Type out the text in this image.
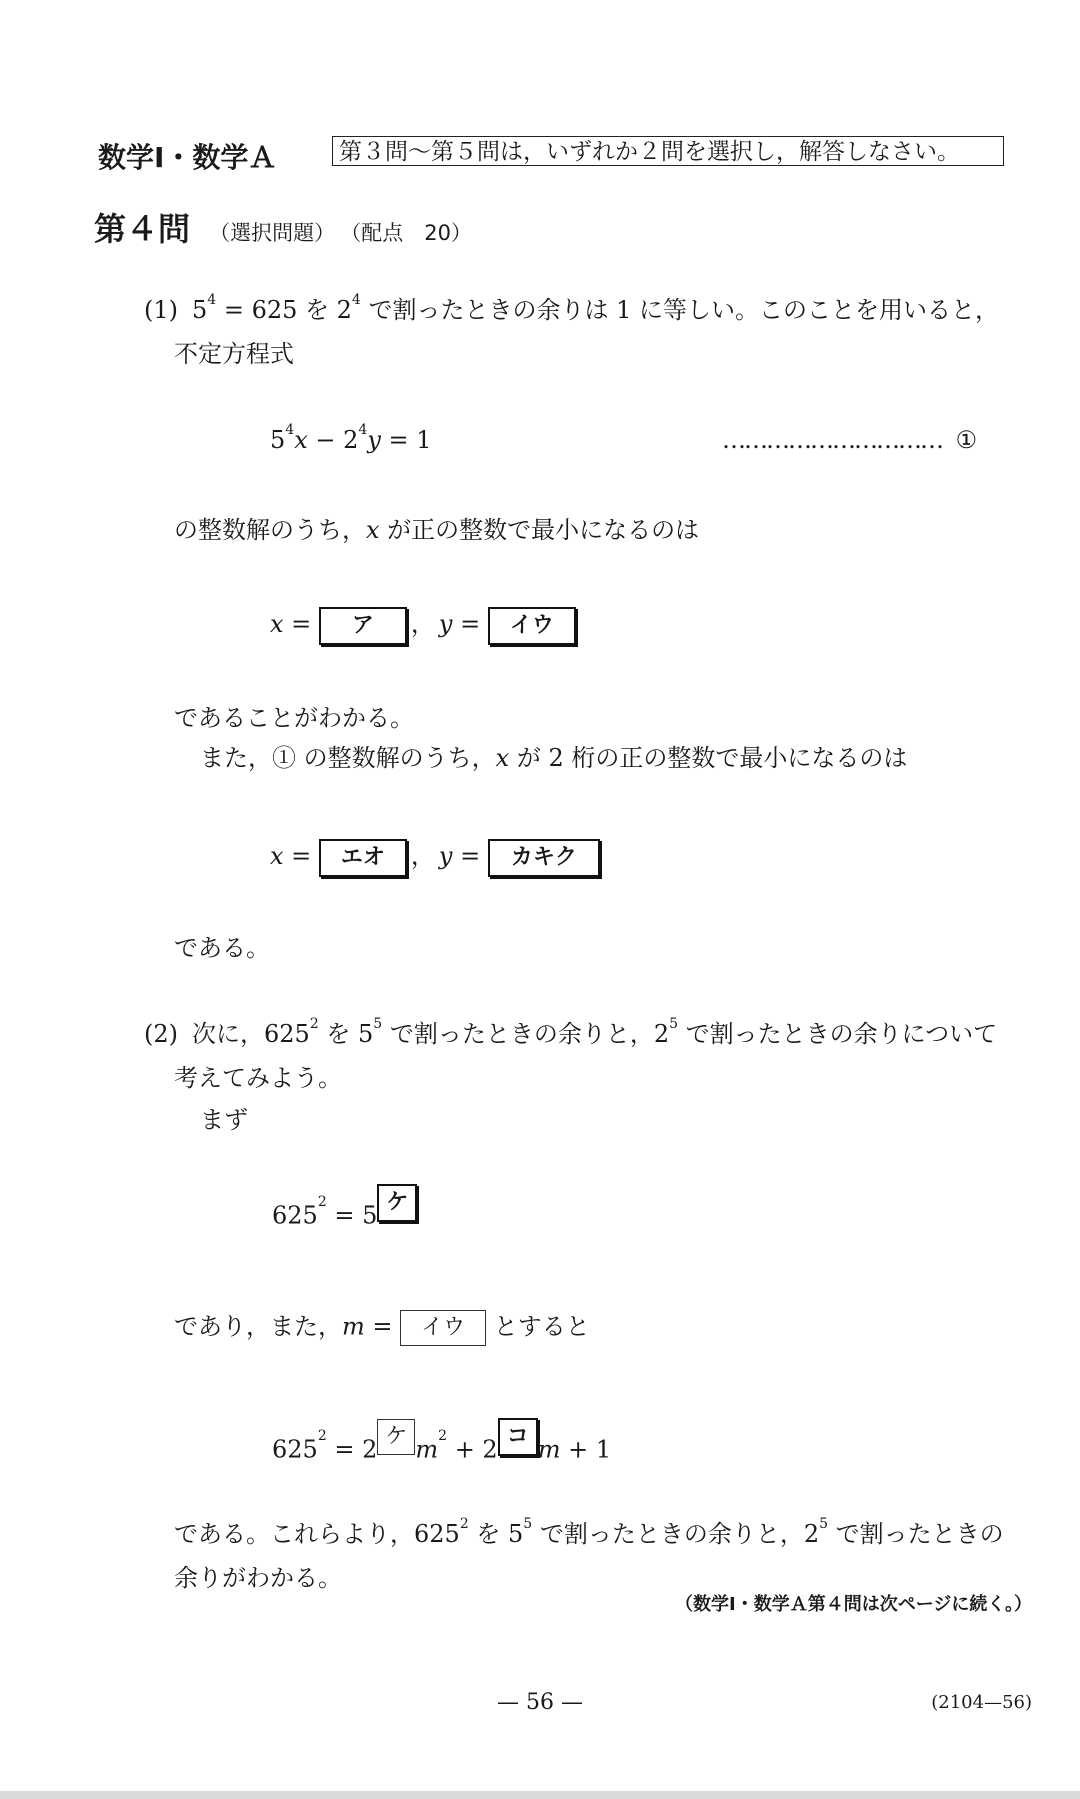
数学Ⅰ・数学Ａ	第３問～第５問は，いずれか２問を選択し，解答しなさい。
第４問 （選択問題） （配点　20）
(1) $5^4 = 625$ を $2^4$ で割ったときの余りは 1 に等しい。このことを用いると，
不定方程式
$5^4x - 2^4y = 1$	………………………… ①
の整数解のうち，x が正の整数で最小になるのは
x = ア ， y = イウ
であることがわかる。
また，① の整数解のうち，x が 2 桁の正の整数で最小になるのは
x = エオ ， y = カキク
である。
(2) 次に，$625^2$ を $5^5$ で割ったときの余りと，$2^5$ で割ったときの余りについて
考えてみよう。
まず
$625^2 = 5$ ケ
であり，また，m = イウ とすると
$625^2 = 2$ ケ $m^2 + 2$ コ m + 1
である。これらより，$625^2$ を $5^5$ で割ったときの余りと，$2^5$ で割ったときの
余りがわかる。
（数学Ⅰ・数学Ａ第４問は次ページに続く。）
— 56 —	(2104—56)
